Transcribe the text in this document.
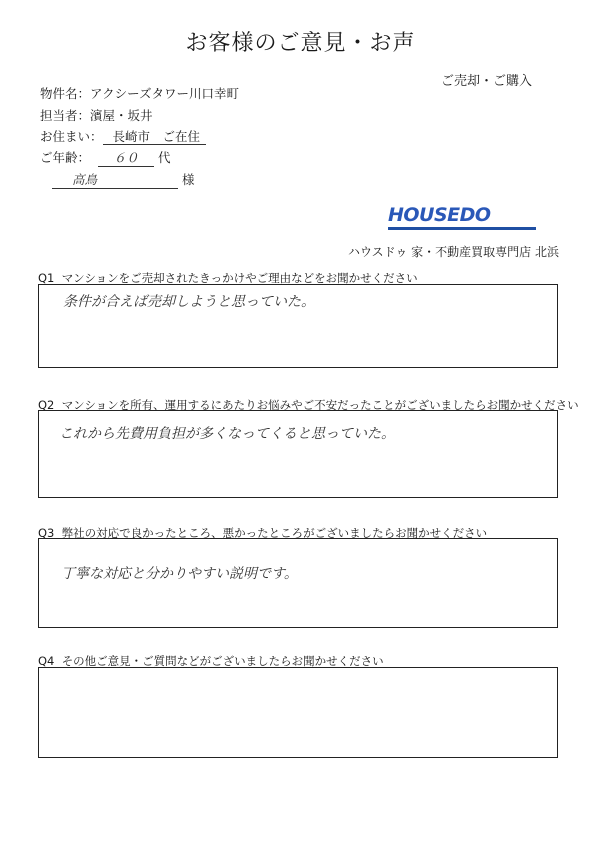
お客様のご意見・お声
ご売却・ご購入
物件名：アクシーズタワー川口幸町
担当者：濱屋・坂井
お住まい： 長崎市　ご在住
ご年齢： ６０ 代
高鳥	様
HOUSEDO
ハウスドゥ 家・不動産買取専門店 北浜
Q1 マンションをご売却されたきっかけやご理由などをお聞かせください
条件が合えば売却しようと思っていた。
Q2 マンションを所有、運用するにあたりお悩みやご不安だったことがございましたらお聞かせください
これから先費用負担が多くなってくると思っていた。
Q3 弊社の対応で良かったところ、悪かったところがございましたらお聞かせください
丁寧な対応と分かりやすい説明です。
Q4 その他ご意見・ご質問などがございましたらお聞かせください
